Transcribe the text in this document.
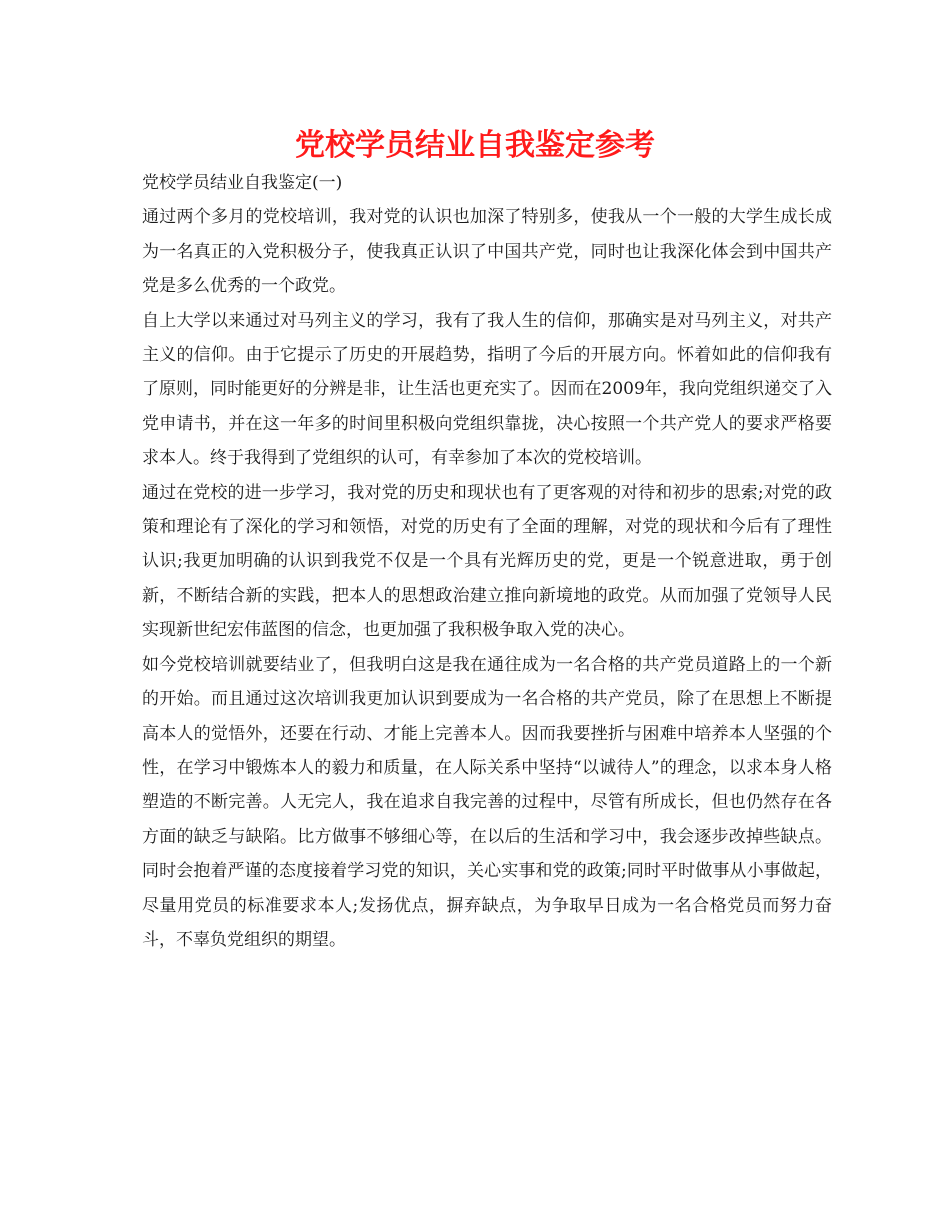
党校学员结业自我鉴定参考

党校学员结业自我鉴定(一)

通过两个多月的党校培训，我对党的认识也加深了特别多，使我从一个一般的大学生成长成为一名真正的入党积极分子，使我真正认识了中国共产党，同时也让我深化体会到中国共产党是多么优秀的一个政党。

自上大学以来通过对马列主义的学习，我有了我人生的信仰，那确实是对马列主义，对共产主义的信仰。由于它提示了历史的开展趋势，指明了今后的开展方向。怀着如此的信仰我有了原则，同时能更好的分辨是非，让生活也更充实了。因而在2009年，我向党组织递交了入党申请书，并在这一年多的时间里积极向党组织靠拢，决心按照一个共产党人的要求严格要求本人。终于我得到了党组织的认可，有幸参加了本次的党校培训。

通过在党校的进一步学习，我对党的历史和现状也有了更客观的对待和初步的思索;对党的政策和理论有了深化的学习和领悟，对党的历史有了全面的理解，对党的现状和今后有了理性认识;我更加明确的认识到我党不仅是一个具有光辉历史的党，更是一个锐意进取，勇于创新，不断结合新的实践，把本人的思想政治建立推向新境地的政党。从而加强了党领导人民实现新世纪宏伟蓝图的信念，也更加强了我积极争取入党的决心。

如今党校培训就要结业了，但我明白这是我在通往成为一名合格的共产党员道路上的一个新的开始。而且通过这次培训我更加认识到要成为一名合格的共产党员，除了在思想上不断提高本人的觉悟外，还要在行动、才能上完善本人。因而我要挫折与困难中培养本人坚强的个性，在学习中锻炼本人的毅力和质量，在人际关系中坚持“以诚待人”的理念，以求本身人格塑造的不断完善。人无完人，我在追求自我完善的过程中，尽管有所成长，但也仍然存在各方面的缺乏与缺陷。比方做事不够细心等，在以后的生活和学习中，我会逐步改掉些缺点。同时会抱着严谨的态度接着学习党的知识，关心实事和党的政策;同时平时做事从小事做起，尽量用党员的标准要求本人;发扬优点，摒弃缺点，为争取早日成为一名合格党员而努力奋斗，不辜负党组织的期望。
